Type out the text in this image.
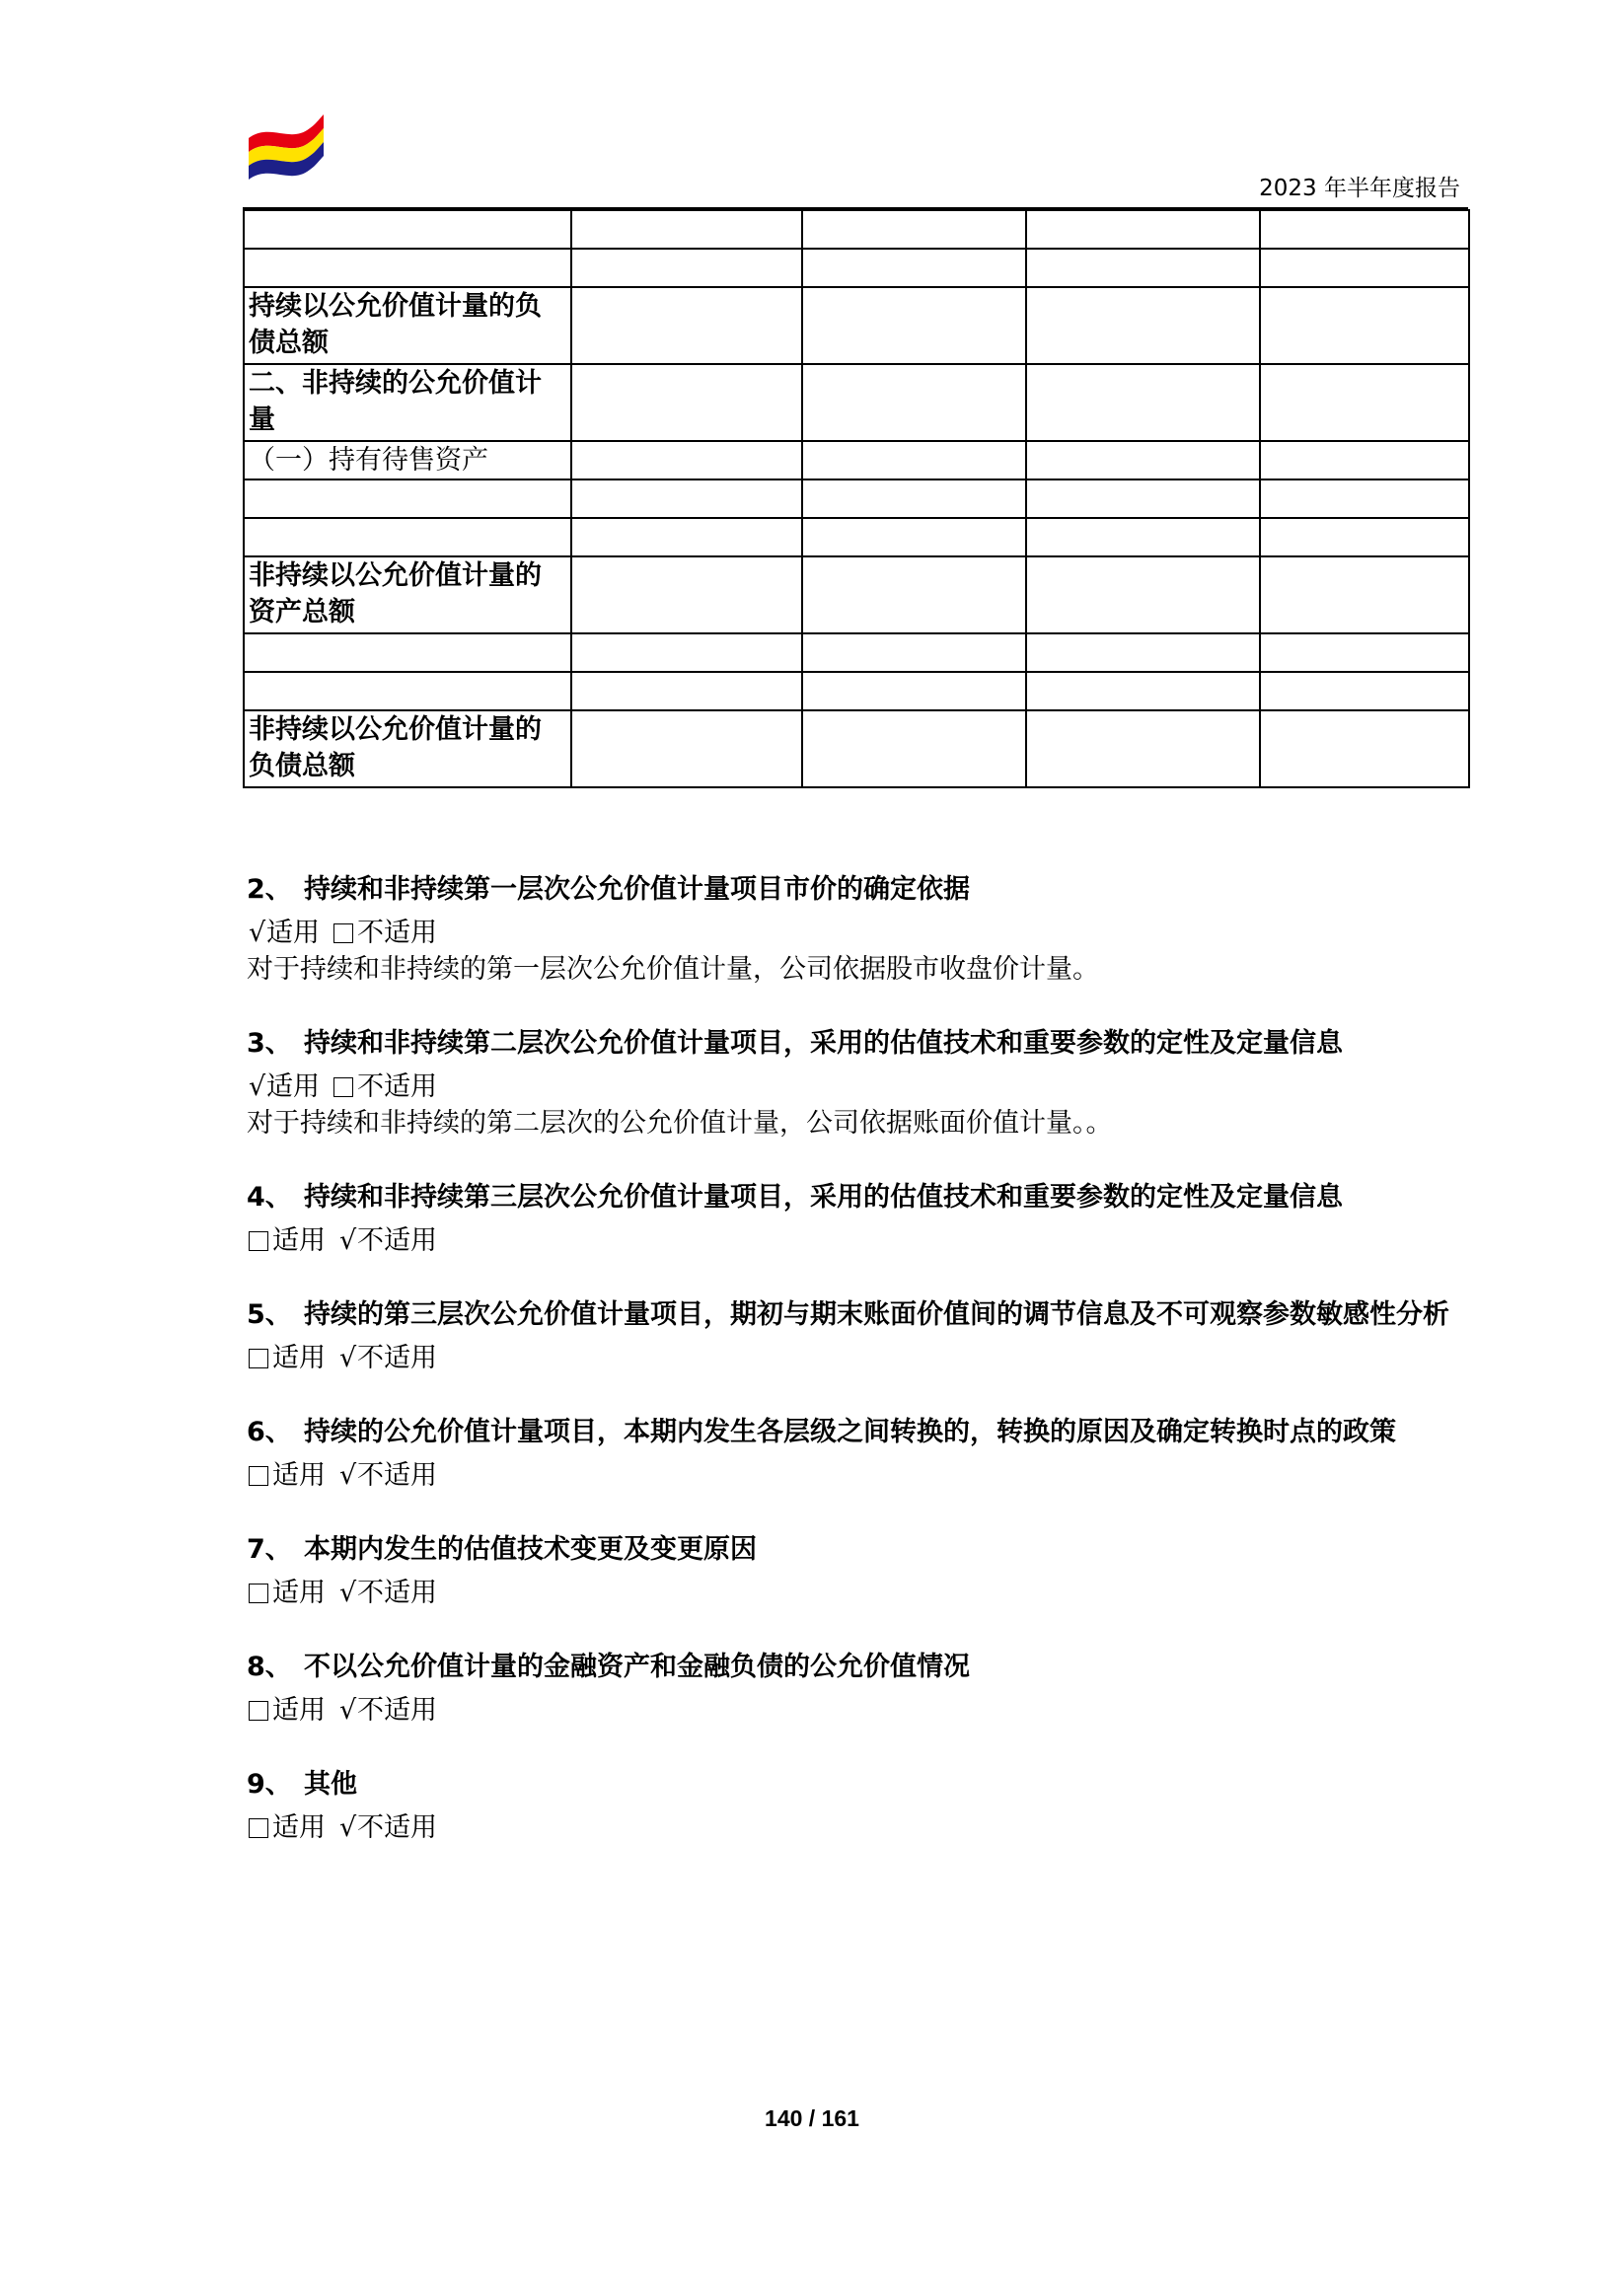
2023 年半年度报告

持续以公允价值计量的负债总额				
二、非持续的公允价值计量				
（一）持有待售资产				

非持续以公允价值计量的资产总额				

非持续以公允价值计量的负债总额				
2、 持续和非持续第一层次公允价值计量项目市价的确定依据
√适用 不适用
对于持续和非持续的第一层次公允价值计量，公司依据股市收盘价计量。
3、 持续和非持续第二层次公允价值计量项目，采用的估值技术和重要参数的定性及定量信息
√适用 不适用
对于持续和非持续的第二层次的公允价值计量，公司依据账面价值计量。。
4、 持续和非持续第三层次公允价值计量项目，采用的估值技术和重要参数的定性及定量信息
适用 √不适用
5、 持续的第三层次公允价值计量项目，期初与期末账面价值间的调节信息及不可观察参数敏感性分析
适用 √不适用
6、 持续的公允价值计量项目，本期内发生各层级之间转换的，转换的原因及确定转换时点的政策
适用 √不适用
7、 本期内发生的估值技术变更及变更原因
适用 √不适用
8、 不以公允价值计量的金融资产和金融负债的公允价值情况
适用 √不适用
9、 其他
适用 √不适用
140 / 161
